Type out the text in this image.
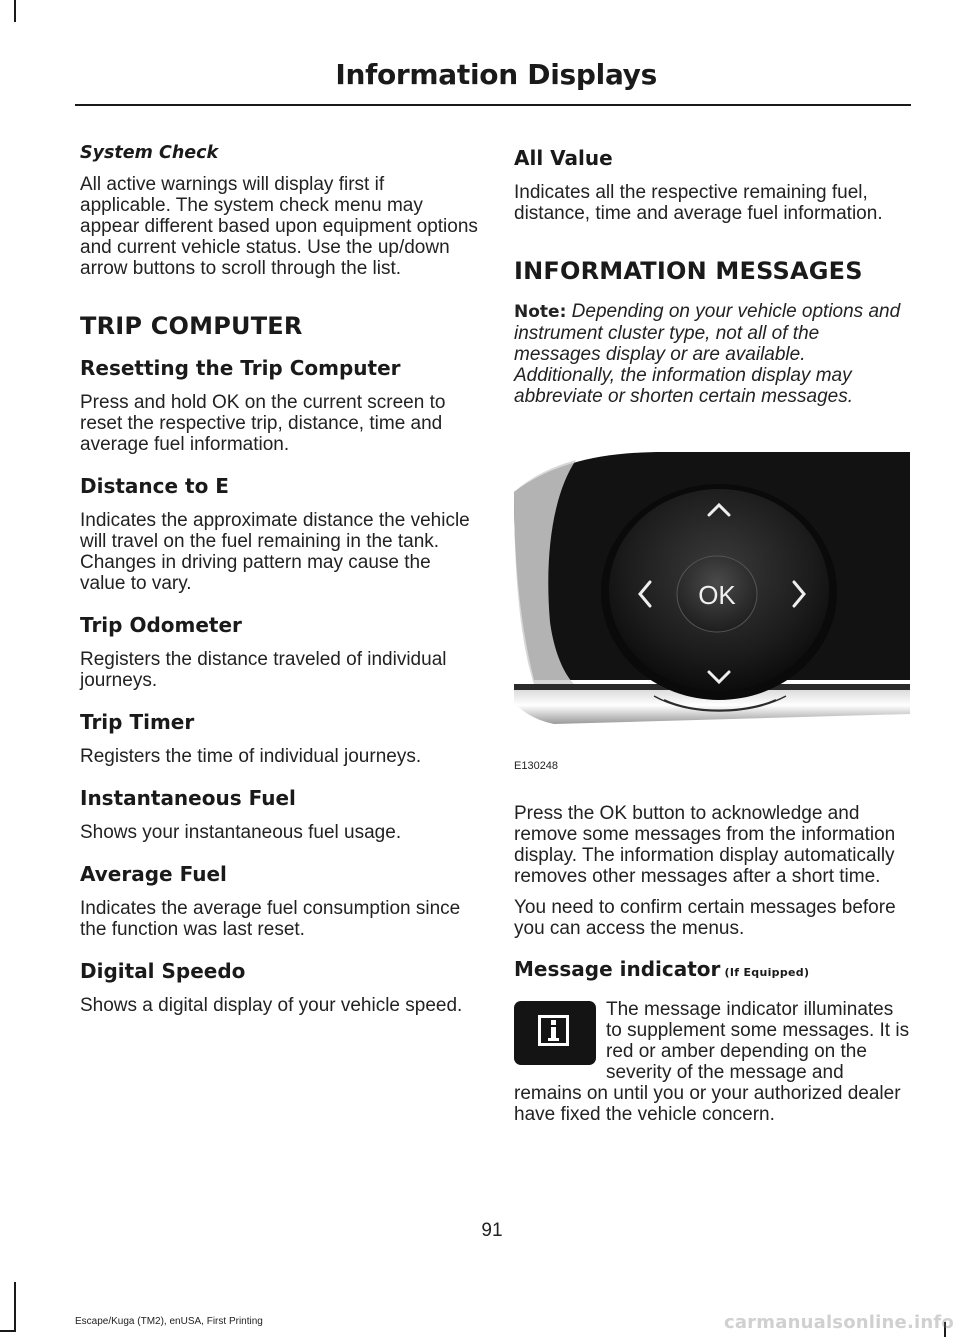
Information Displays

System Check

All active warnings will display first if applicable. The system check menu may appear different based upon equipment options and current vehicle status. Use the up/down arrow buttons to scroll through the list.

TRIP COMPUTER
Resetting the Trip Computer

Press and hold OK on the current screen to reset the respective trip, distance, time and average fuel information.

Distance to E

Indicates the approximate distance the vehicle will travel on the fuel remaining in the tank. Changes in driving pattern may cause the value to vary.

Trip Odometer

Registers the distance traveled of individual journeys.

Trip Timer

Registers the time of individual journeys.

Instantaneous Fuel

Shows your instantaneous fuel usage.

Average Fuel

Indicates the average fuel consumption since the function was last reset.

Digital Speedo

Shows a digital display of your vehicle speed.

All Value

Indicates all the respective remaining fuel, distance, time and average fuel information.

INFORMATION MESSAGES

Note: Depending on your vehicle options and instrument cluster type, not all of the messages display or are available. Additionally, the information display may abbreviate or shorten certain messages.

OK
E130248

Press the OK button to acknowledge and remove some messages from the information display. The information display automatically removes other messages after a short time.

You need to confirm certain messages before you can access the menus.

Message indicator (If Equipped)

The message indicator illuminates to supplement some messages. It is red or amber depending on the severity of the message and remains on until you or your authorized dealer have fixed the vehicle concern.

91
Escape/Kuga (TM2), enUSA, First Printing	carmanualsonline.info
